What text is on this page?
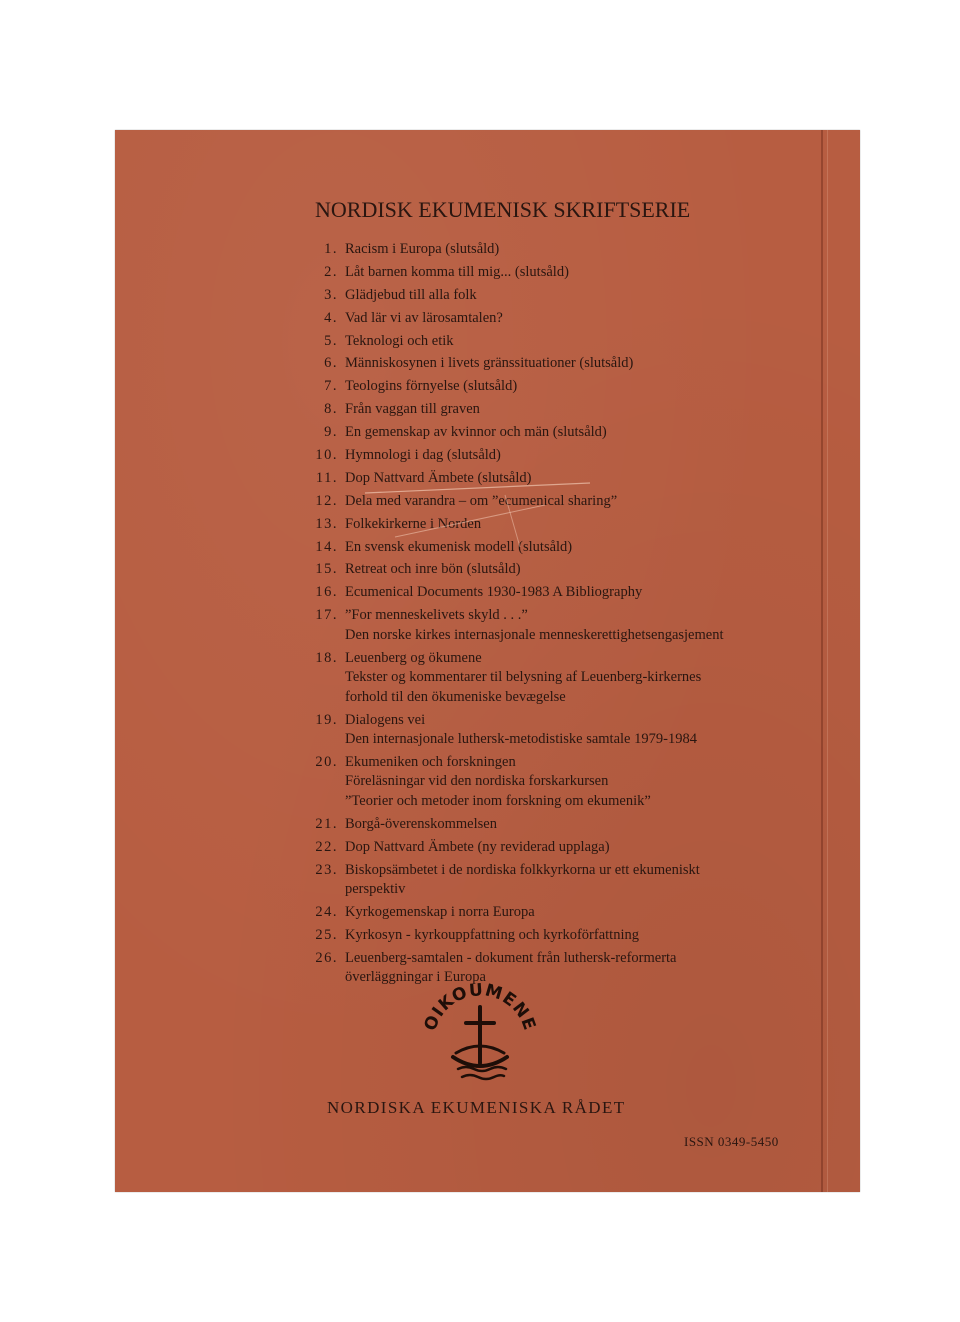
NORDISK EKUMENISK SKRIFTSERIE
1. Racism i Europa (slutsåld)
2. Låt barnen komma till mig... (slutsåld)
3. Glädjebud till alla folk
4. Vad lär vi av lärosamtalen?
5. Teknologi och etik
6. Människosynen i livets gränssituationer (slutsåld)
7. Teologins förnyelse (slutsåld)
8. Från vaggan till graven
9. En gemenskap av kvinnor och män (slutsåld)
10. Hymnologi i dag (slutsåld)
11. Dop Nattvard Ämbete (slutsåld)
12. Dela med varandra – om ”ecumenical sharing”
13. Folkekirkerne i Norden
14. En svensk ekumenisk modell (slutsåld)
15. Retreat och inre bön (slutsåld)
16. Ecumenical Documents 1930-1983 A Bibliography
17. ”For menneskelivets skyld . . .”
Den norske kirkes internasjonale menneskerettighetsengasjement
18. Leuenberg og ökumene
Tekster og kommentarer til belysning af Leuenberg-kirkernes
forhold til den ökumeniske bevægelse
19. Dialogens vei
Den internasjonale luthersk-metodistiske samtale 1979-1984
20. Ekumeniken och forskningen
Föreläsningar vid den nordiska forskarkursen
”Teorier och metoder inom forskning om ekumenik”
21. Borgå-överenskommelsen
22. Dop Nattvard Ämbete (ny reviderad upplaga)
23. Biskopsämbetet i de nordiska folkkyrkorna ur ett ekumeniskt
perspektiv
24. Kyrkogemenskap i norra Europa
25. Kyrkosyn - kyrkouppfattning och kyrkoförfattning
26. Leuenberg-samtalen - dokument från luthersk-reformerta
överläggningar i Europa
OIKOUMENE
NORDISKA EKUMENISKA RÅDET
ISSN 0349-5450
